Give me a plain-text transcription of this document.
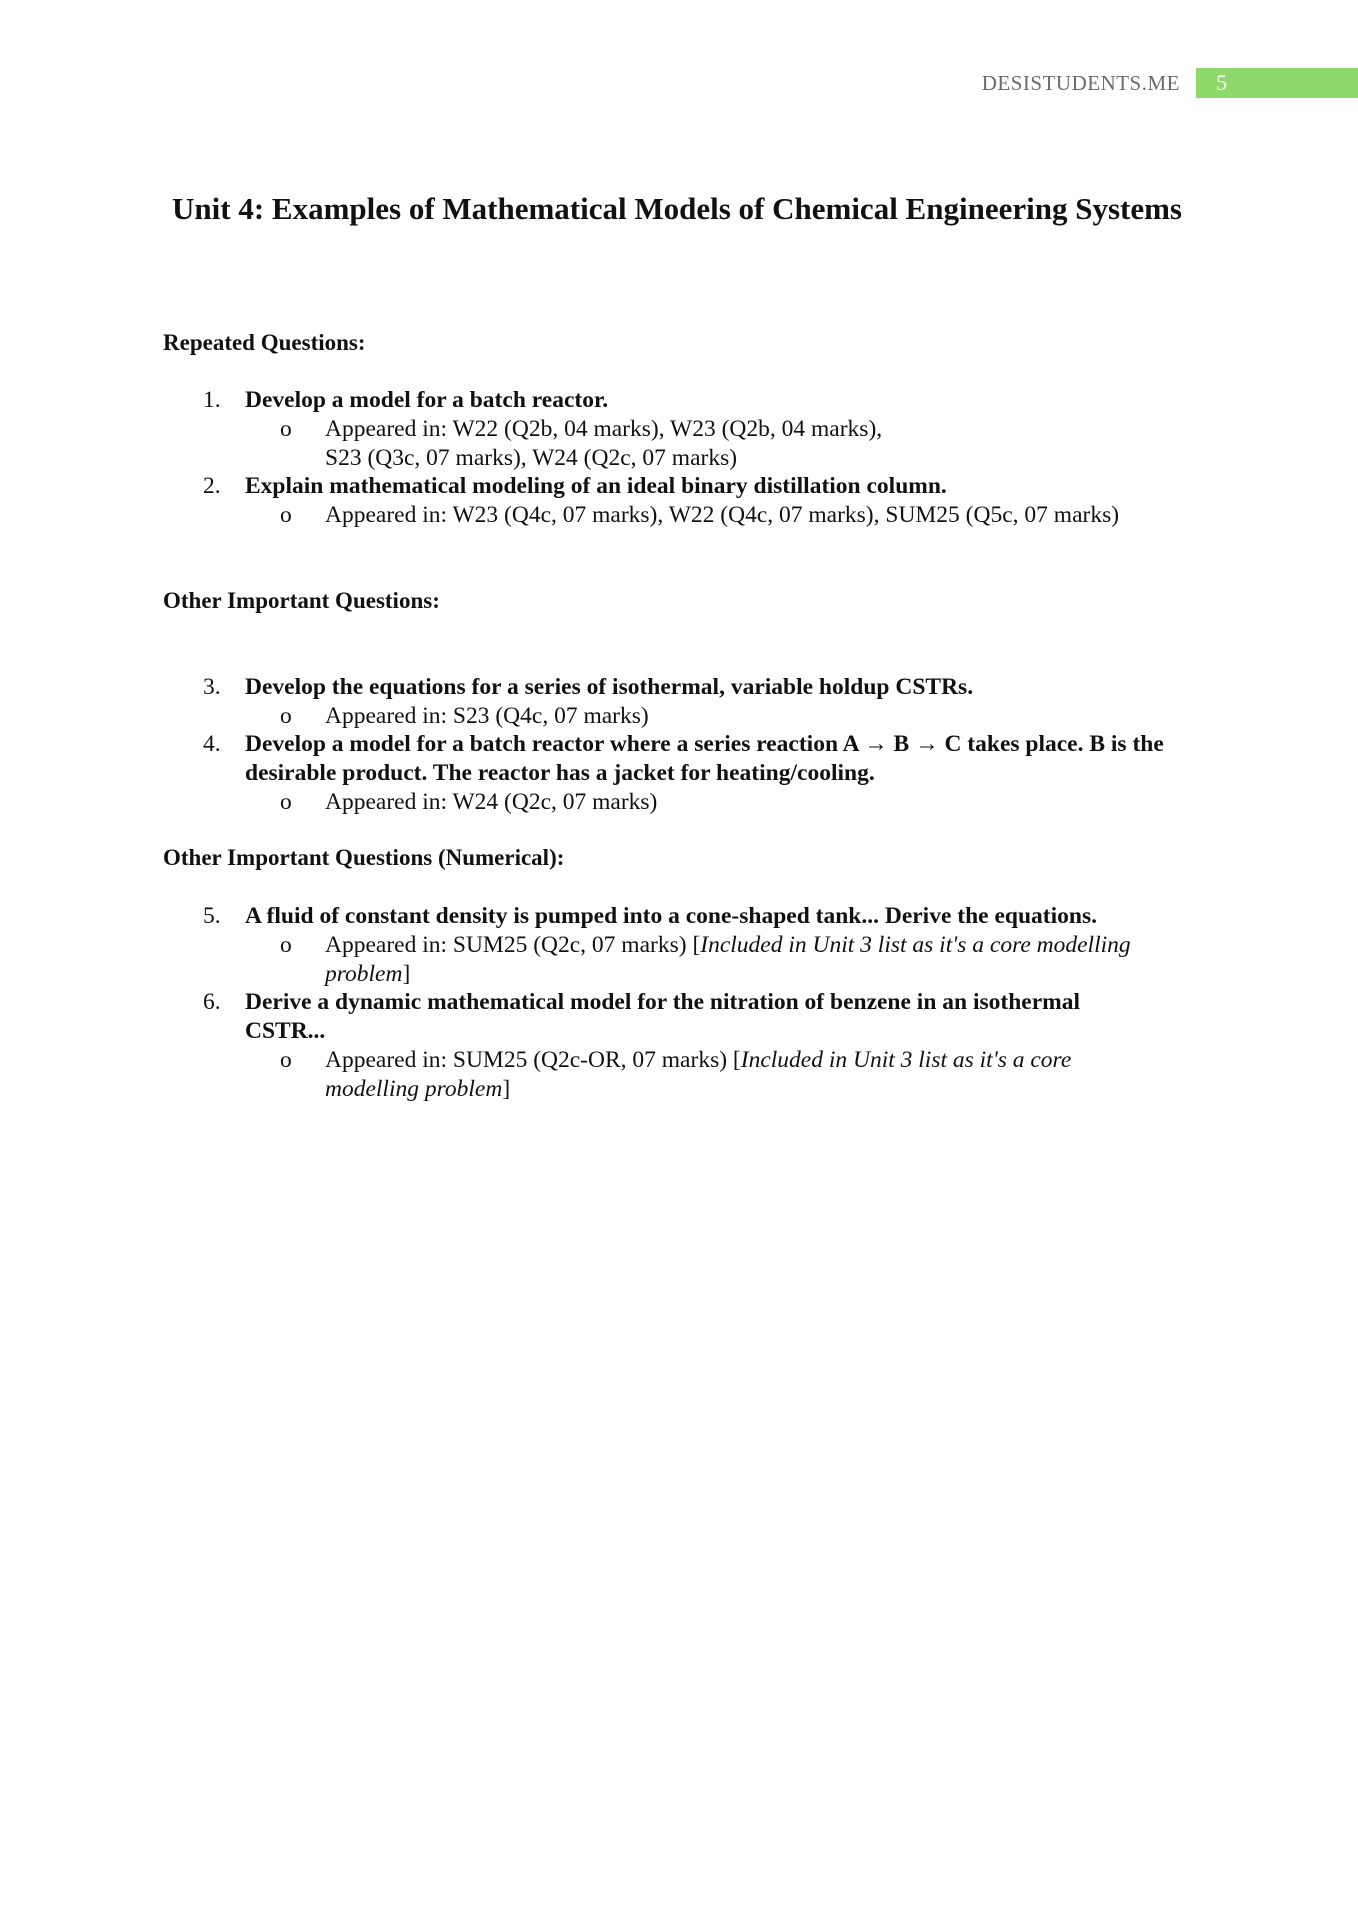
DESISTUDENTS.ME	5
Unit 4: Examples of Mathematical Models of Chemical Engineering Systems
Repeated Questions:
1.	Develop a model for a batch reactor.
o Appeared in: W22 (Q2b, 04 marks), W23 (Q2b, 04 marks), S23 (Q3c, 07 marks), W24 (Q2c, 07 marks)
2.	Explain mathematical modeling of an ideal binary distillation column.
o Appeared in: W23 (Q4c, 07 marks), W22 (Q4c, 07 marks), SUM25 (Q5c, 07 marks)
Other Important Questions:
3.	Develop the equations for a series of isothermal, variable holdup CSTRs.
o Appeared in: S23 (Q4c, 07 marks)
4.	Develop a model for a batch reactor where a series reaction A → B → C takes place. B is the desirable product. The reactor has a jacket for heating/cooling.
o Appeared in: W24 (Q2c, 07 marks)
Other Important Questions (Numerical):
5.	A fluid of constant density is pumped into a cone-shaped tank... Derive the equations.
o Appeared in: SUM25 (Q2c, 07 marks) [Included in Unit 3 list as it's a core modelling problem]
6.	Derive a dynamic mathematical model for the nitration of benzene in an isothermal CSTR...
o Appeared in: SUM25 (Q2c-OR, 07 marks) [Included in Unit 3 list as it's a core modelling problem]
